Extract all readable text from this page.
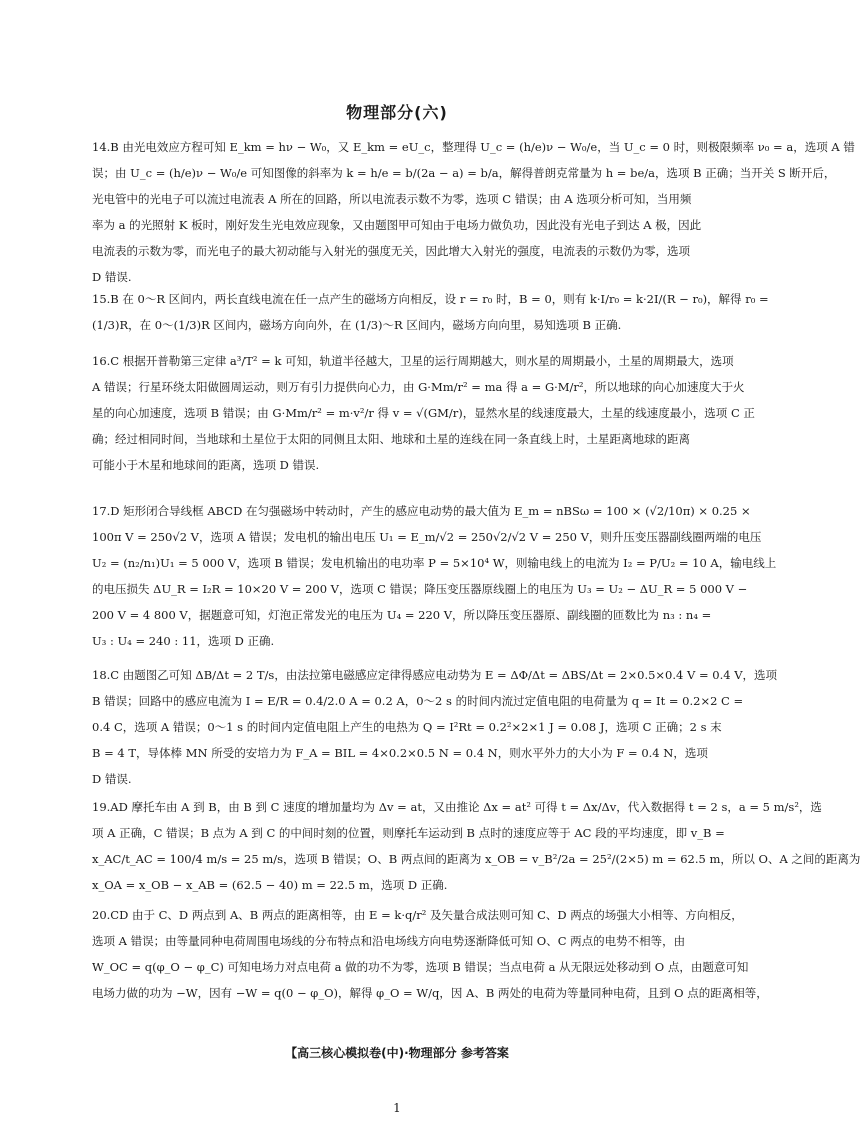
物理部分(六)
14.B 由光电效应方程可知 E_km = hν − W₀，又 E_km = eU_c，整理得 U_c = (h/e)ν − W₀/e，当 U_c = 0 时，则极限频率 ν₀ = a，选项 A 错
误；由 U_c = (h/e)ν − W₀/e 可知图像的斜率为 k = h/e = b/(2a − a) = b/a，解得普朗克常量为 h = be/a，选项 B 正确；当开关 S 断开后，
光电管中的光电子可以流过电流表 A 所在的回路，所以电流表示数不为零，选项 C 错误；由 A 选项分析可知，当用频
率为 a 的光照射 K 板时，刚好发生光电效应现象，又由题图甲可知由于电场力做负功，因此没有光电子到达 A 极，因此
电流表的示数为零，而光电子的最大初动能与入射光的强度无关，因此增大入射光的强度，电流表的示数仍为零，选项
D 错误.
15.B 在 0～R 区间内，两长直线电流在任一点产生的磁场方向相反，设 r = r₀ 时，B = 0，则有 k·I/r₀ = k·2I/(R − r₀)，解得 r₀ =
(1/3)R，在 0～(1/3)R 区间内，磁场方向向外，在 (1/3)～R 区间内，磁场方向向里，易知选项 B 正确.
16.C 根据开普勒第三定律 a³/T² = k 可知，轨道半径越大，卫星的运行周期越大，则水星的周期最小，土星的周期最大，选项
A 错误；行星环绕太阳做圆周运动，则万有引力提供向心力，由 G·Mm/r² = ma 得 a = G·M/r²，所以地球的向心加速度大于火
星的向心加速度，选项 B 错误；由 G·Mm/r² = m·v²/r 得 v = √(GM/r)，显然水星的线速度最大，土星的线速度最小，选项 C 正
确；经过相同时间，当地球和土星位于太阳的同侧且太阳、地球和土星的连线在同一条直线上时，土星距离地球的距离
可能小于木星和地球间的距离，选项 D 错误.
17.D 矩形闭合导线框 ABCD 在匀强磁场中转动时，产生的感应电动势的最大值为 E_m = nBSω = 100 × (√2/10π) × 0.25 ×
100π V = 250√2 V，选项 A 错误；发电机的输出电压 U₁ = E_m/√2 = 250√2/√2 V = 250 V，则升压变压器副线圈两端的电压
U₂ = (n₂/n₁)U₁ = 5 000 V，选项 B 错误；发电机输出的电功率 P = 5×10⁴ W，则输电线上的电流为 I₂ = P/U₂ = 10 A，输电线上
的电压损失 ΔU_R = I₂R = 10×20 V = 200 V，选项 C 错误；降压变压器原线圈上的电压为 U₃ = U₂ − ΔU_R = 5 000 V −
200 V = 4 800 V，据题意可知，灯泡正常发光的电压为 U₄ = 220 V，所以降压变压器原、副线圈的匝数比为 n₃ : n₄ =
U₃ : U₄ = 240 : 11，选项 D 正确.
18.C 由题图乙可知 ΔB/Δt = 2 T/s，由法拉第电磁感应定律得感应电动势为 E = ΔΦ/Δt = ΔBS/Δt = 2×0.5×0.4 V = 0.4 V，选项
B 错误；回路中的感应电流为 I = E/R = 0.4/2.0 A = 0.2 A，0～2 s 的时间内流过定值电阻的电荷量为 q = It = 0.2×2 C =
0.4 C，选项 A 错误；0～1 s 的时间内定值电阻上产生的电热为 Q = I²Rt = 0.2²×2×1 J = 0.08 J，选项 C 正确；2 s 末
B = 4 T，导体棒 MN 所受的安培力为 F_A = BIL = 4×0.2×0.5 N = 0.4 N，则水平外力的大小为 F = 0.4 N，选项
D 错误.
19.AD 摩托车由 A 到 B，由 B 到 C 速度的增加量均为 Δv = at，又由推论 Δx = at² 可得 t = Δx/Δv，代入数据得 t = 2 s，a = 5 m/s²，选
项 A 正确，C 错误；B 点为 A 到 C 的中间时刻的位置，则摩托车运动到 B 点时的速度应等于 AC 段的平均速度，即 v_B =
x_AC/t_AC = 100/4 m/s = 25 m/s，选项 B 错误；O、B 两点间的距离为 x_OB = v_B²/2a = 25²/(2×5) m = 62.5 m，所以 O、A 之间的距离为
x_OA = x_OB − x_AB = (62.5 − 40) m = 22.5 m，选项 D 正确.
20.CD 由于 C、D 两点到 A、B 两点的距离相等，由 E = k·q/r² 及矢量合成法则可知 C、D 两点的场强大小相等、方向相反，
选项 A 错误；由等量同种电荷周围电场线的分布特点和沿电场线方向电势逐渐降低可知 O、C 两点的电势不相等，由
W_OC = q(φ_O − φ_C) 可知电场力对点电荷 a 做的功不为零，选项 B 错误；当点电荷 a 从无限远处移动到 O 点，由题意可知
电场力做的功为 −W，因有 −W = q(0 − φ_O)，解得 φ_O = W/q，因 A、B 两处的电荷为等量同种电荷，且到 O 点的距离相等，
【高三核心模拟卷(中)·物理部分 参考答案
1
